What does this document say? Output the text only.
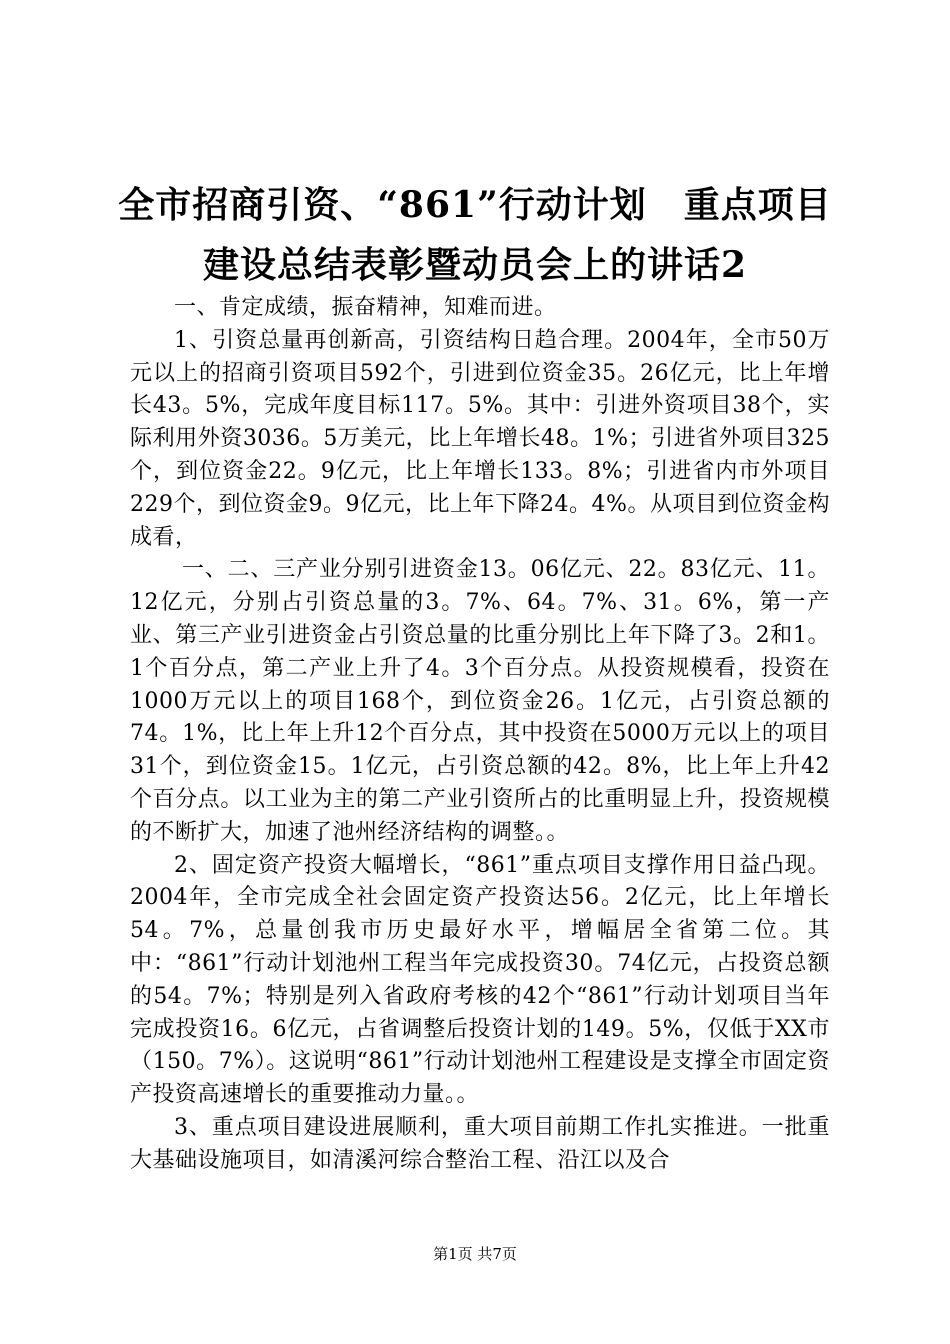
全市招商引资、“861”行动计划　重点项目
建设总结表彰暨动员会上的讲话2

一、肯定成绩，振奋精神，知难而进。

1、引资总量再创新高，引资结构日趋合理。2004年，全市50万元以上的招商引资项目592个，引进到位资金35。26亿元，比上年增长43。5%，完成年度目标117。5%。其中：引进外资项目38个，实际利用外资3036。5万美元，比上年增长48。1%；引进省外项目325个，到位资金22。9亿元，比上年增长133。8%；引进省内市外项目229个，到位资金9。9亿元，比上年下降24。4%。从项目到位资金构成看，

一、二、三产业分别引进资金13。06亿元、22。83亿元、11。12亿元，分别占引资总量的3。7%、64。7%、31。6%，第一产业、第三产业引进资金占引资总量的比重分别比上年下降了3。2和1。1个百分点，第二产业上升了4。3个百分点。从投资规模看，投资在1000万元以上的项目168个，到位资金26。1亿元，占引资总额的74。1%，比上年上升12个百分点，其中投资在5000万元以上的项目31个，到位资金15。1亿元，占引资总额的42。8%，比上年上升42个百分点。以工业为主的第二产业引资所占的比重明显上升，投资规模的不断扩大，加速了池州经济结构的调整。。

2、固定资产投资大幅增长，“861”重点项目支撑作用日益凸现。2004年，全市完成全社会固定资产投资达56。2亿元，比上年增长54。7%，总量创我市历史最好水平，增幅居全省第二位。其中：“861”行动计划池州工程当年完成投资30。74亿元，占投资总额的54。7%；特别是列入省政府考核的42个“861”行动计划项目当年完成投资16。6亿元，占省调整后投资计划的149。5%，仅低于XX市（150。7%）。这说明“861”行动计划池州工程建设是支撑全市固定资产投资高速增长的重要推动力量。。

3、重点项目建设进展顺利，重大项目前期工作扎实推进。一批重大基础设施项目，如清溪河综合整治工程、沿江以及合

第1页 共7页
